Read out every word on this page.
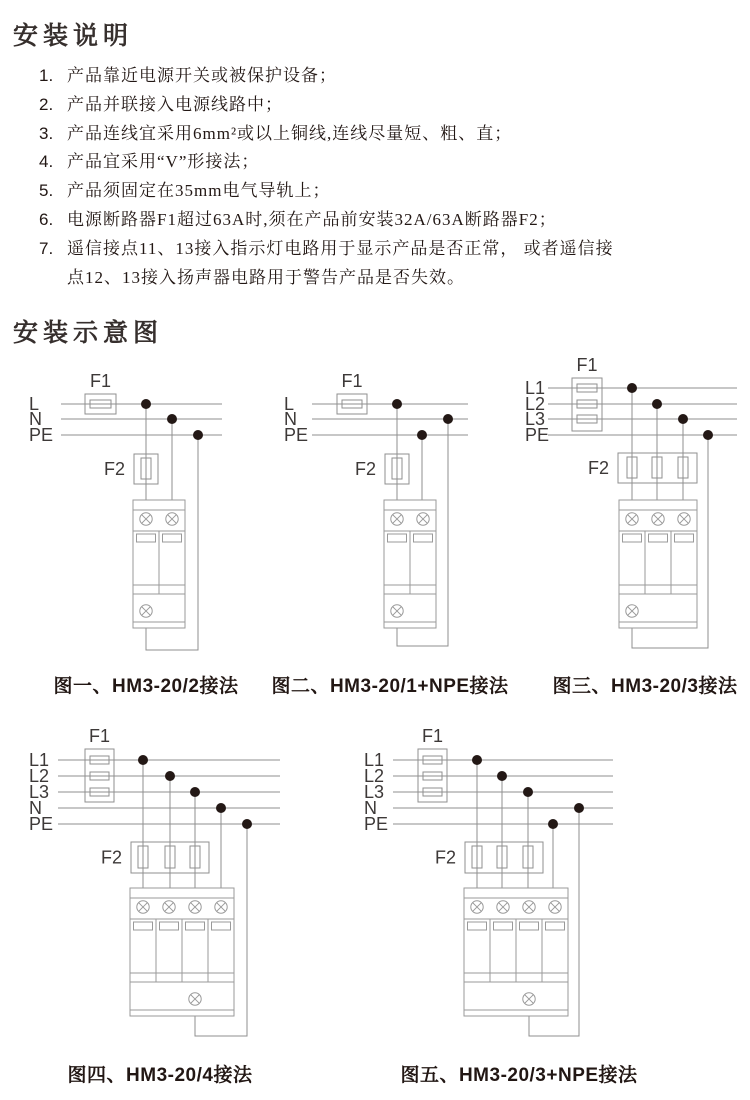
安装说明
1. 产品靠近电源开关或被保护设备；
2. 产品并联接入电源线路中；
3. 产品连线宜采用6mm²或以上铜线,连线尽量短、粗、直；
4. 产品宜采用“V”形接法；
5. 产品须固定在35mm电气导轨上；
6. 电源断路器F1超过63A时,须在产品前安装32A/63A断路器F2；
7. 遥信接点11、13接入指示灯电路用于显示产品是否正常， 或者遥信接
点12、13接入扬声器电路用于警告产品是否失效。
安装示意图
L
N
PE
F1
F2
L
N
PE
F1
F2
L1
L2
L3
PE
F1
F2
L1
L2
L3
N
PE
F1
F2
L1
L2
L3
N
PE
F1
F2
图一、HM3-20/2接法 图二、HM3-20/1+NPE接法 图三、HM3-20/3接法
图四、HM3-20/4接法	图五、HM3-20/3+NPE接法
